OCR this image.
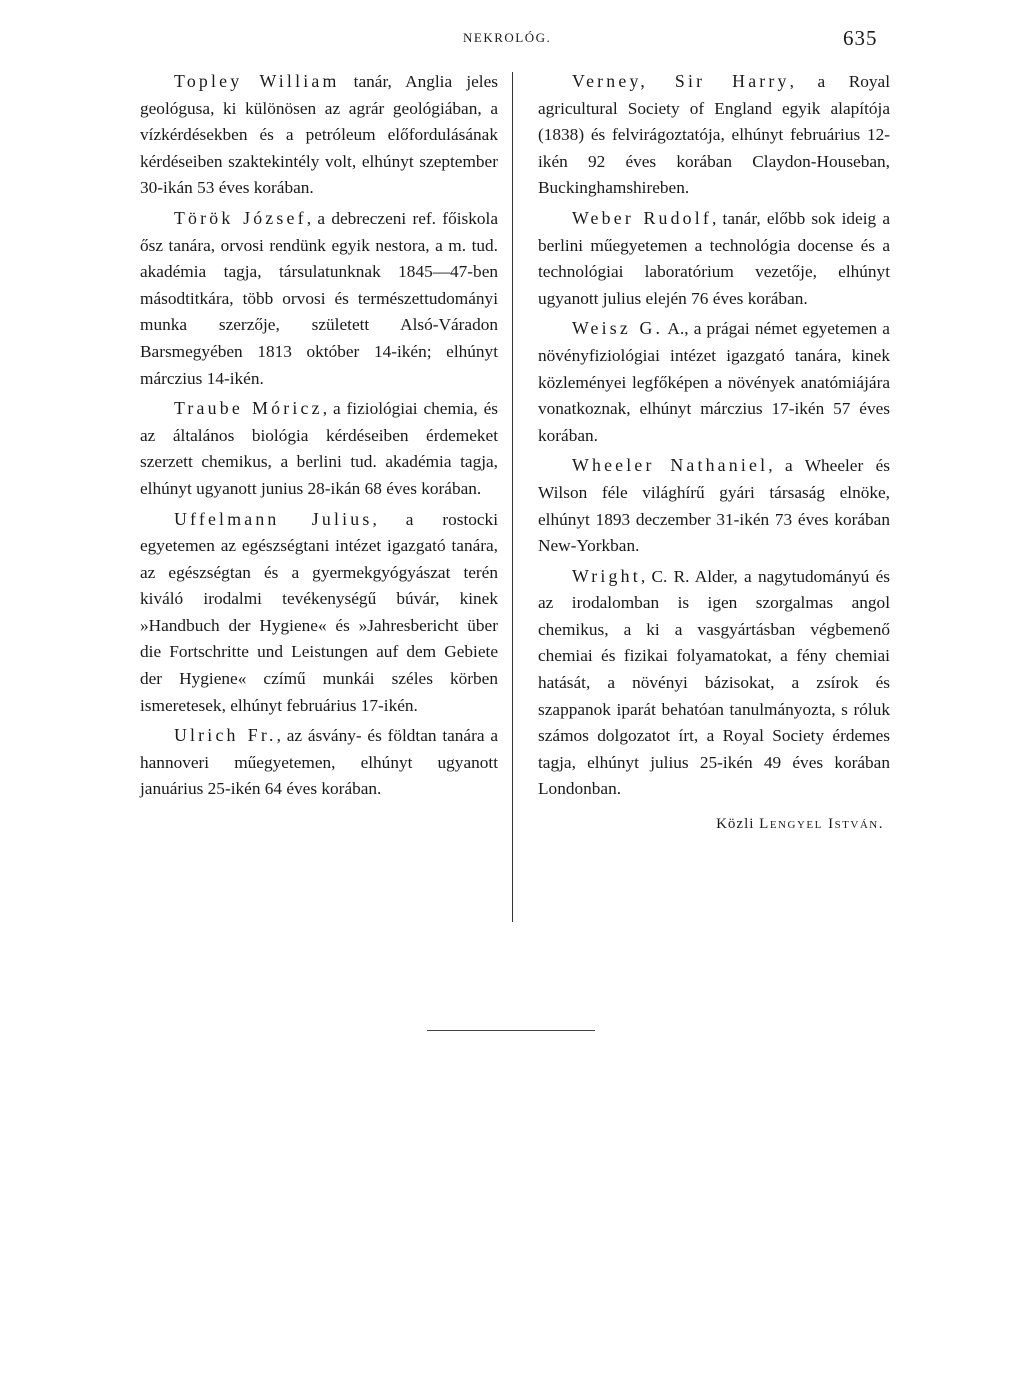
NEKROLÓG.	635

Topley William tanár, Anglia jeles geológusa, ki különösen az agrár geológiában, a vízkérdésekben és a petróleum előfordulásának kérdéseiben szaktekintély volt, elhúnyt szeptember 30-ikán 53 éves korában.

Török József, a debreczeni ref. főiskola ősz tanára, orvosi rendünk egyik nestora, a m. tud. akadémia tagja, társulatunknak 1845—47-ben másodtitkára, több orvosi és természettudományi munka szerzője, született Alsó-Váradon Barsmegyében 1813 október 14-ikén; elhúnyt márczius 14-ikén.

Traube Móricz, a fiziológiai chemia, és az általános biológia kérdéseiben érdemeket szerzett chemikus, a berlini tud. akadémia tagja, elhúnyt ugyanott junius 28-ikán 68 éves korában.

Uffelmann Julius, a rostocki egyetemen az egészségtani intézet igazgató tanára, az egészségtan és a gyermekgyógyászat terén kiváló irodalmi tevékenységű búvár, kinek »Handbuch der Hygiene« és »Jahresbericht über die Fortschritte und Leistungen auf dem Gebiete der Hygiene« czímű munkái széles körben ismeretesek, elhúnyt februárius 17-ikén.

Ulrich Fr., az ásvány- és földtan tanára a hannoveri műegyetemen, elhúnyt ugyanott januárius 25-ikén 64 éves korában.

Verney, Sir Harry, a Royal agricultural Society of England egyik alapítója (1838) és felvirágoztatója, elhúnyt februárius 12-ikén 92 éves korában Claydon-Houseban, Buckinghamshireben.

Weber Rudolf, tanár, előbb sok ideig a berlini műegyetemen a technológia docense és a technológiai laboratórium vezetője, elhúnyt ugyanott julius elején 76 éves korában.

Weisz G. A., a prágai német egyetemen a növényfiziológiai intézet igazgató tanára, kinek közleményei legfőképen a növények anatómiájára vonatkoznak, elhúnyt márczius 17-ikén 57 éves korában.

Wheeler Nathaniel, a Wheeler és Wilson féle világhírű gyári társaság elnöke, elhúnyt 1893 deczember 31-ikén 73 éves korában New-Yorkban.

Wright, C. R. Alder, a nagytudományú és az irodalomban is igen szorgalmas angol chemikus, a ki a vasgyártásban végbemenő chemiai és fizikai folyamatokat, a fény chemiai hatását, a növényi bázisokat, a zsírok és szappanok iparát behatóan tanulmányozta, s róluk számos dolgozatot írt, a Royal Society érdemes tagja, elhúnyt julius 25-ikén 49 éves korában Londonban.

Közli Lengyel István.
